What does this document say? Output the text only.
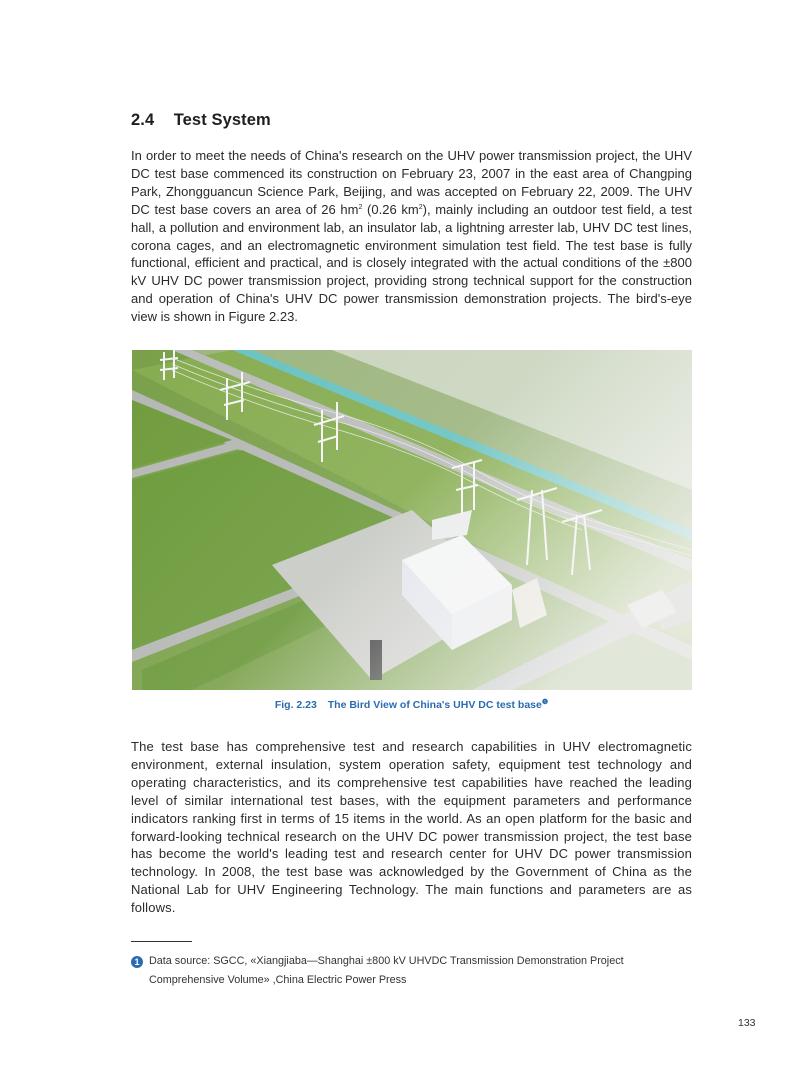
2.4 Test System
In order to meet the needs of China's research on the UHV power transmission project, the UHV DC test base commenced its construction on February 23, 2007 in the east area of Changping Park, Zhongguancun Science Park, Beijing, and was accepted on February 22, 2009. The UHV DC test base covers an area of 26 $hm^2$ (0.26 $km^2$), mainly including an outdoor test field, a test hall, a pollution and environment lab, an insulator lab, a lightning arrester lab, UHV DC test lines, corona cages, and an electromagnetic environment simulation test field. The test base is fully functional, efficient and practical, and is closely integrated with the actual conditions of the ±800 kV UHV DC power transmission project, providing strong technical support for the construction and operation of China's UHV DC power transmission demonstration projects. The bird's-eye view is shown in Figure 2.23.
Fig. 2.23 The Bird View of China's UHV DC test base$^❶$
The test base has comprehensive test and research capabilities in UHV electromagnetic environment, external insulation, system operation safety, equipment test technology and operating characteristics, and its comprehensive test capabilities have reached the leading level of similar international test bases, with the equipment parameters and performance indicators ranking first in terms of 15 items in the world. As an open platform for the basic and forward-looking technical research on the UHV DC power transmission project, the test base has become the world's leading test and research center for UHV DC power transmission technology. In 2008, the test base was acknowledged by the Government of China as the National Lab for UHV Engineering Technology. The main functions and parameters are as follows.
1 Data source: SGCC, «Xiangjiaba—Shanghai ±800 kV UHVDC Transmission Demonstration Project
Comprehensive Volume» ,China Electric Power Press
133
